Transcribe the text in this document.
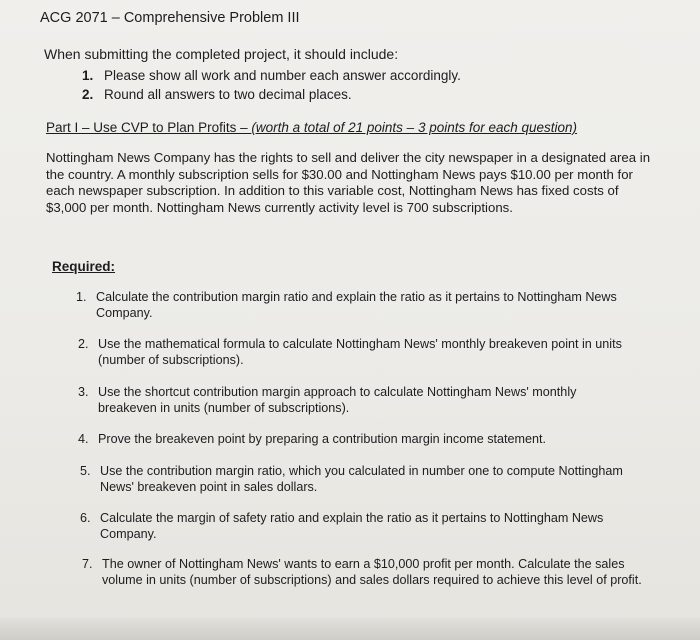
ACG 2071 – Comprehensive Problem III
When submitting the completed project, it should include:
1. Please show all work and number each answer accordingly.
2. Round all answers to two decimal places.
Part I – Use CVP to Plan Profits – (worth a total of 21 points – 3 points for each question)
Nottingham News Company has the rights to sell and deliver the city newspaper in a designated area in the country. A monthly subscription sells for $30.00 and Nottingham News pays $10.00 per month for each newspaper subscription. In addition to this variable cost, Nottingham News has fixed costs of $3,000 per month. Nottingham News currently activity level is 700 subscriptions.
Required:
1. Calculate the contribution margin ratio and explain the ratio as it pertains to Nottingham News Company.
2. Use the mathematical formula to calculate Nottingham News' monthly breakeven point in units (number of subscriptions).
3. Use the shortcut contribution margin approach to calculate Nottingham News' monthly breakeven in units (number of subscriptions).
4. Prove the breakeven point by preparing a contribution margin income statement.
5. Use the contribution margin ratio, which you calculated in number one to compute Nottingham News' breakeven point in sales dollars.
6. Calculate the margin of safety ratio and explain the ratio as it pertains to Nottingham News Company.
7. The owner of Nottingham News' wants to earn a $10,000 profit per month. Calculate the sales volume in units (number of subscriptions) and sales dollars required to achieve this level of profit.
